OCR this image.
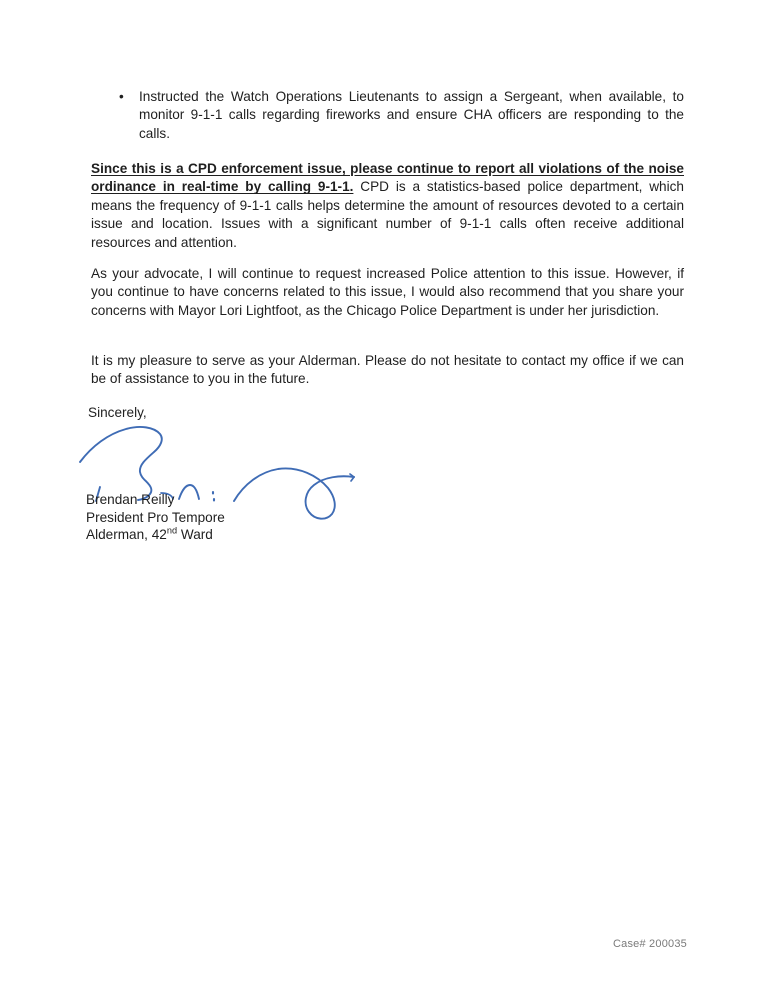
• Instructed the Watch Operations Lieutenants to assign a Sergeant, when available, to monitor 9-1-1 calls regarding fireworks and ensure CHA officers are responding to the calls.
Since this is a CPD enforcement issue, please continue to report all violations of the noise ordinance in real-time by calling 9-1-1. CPD is a statistics-based police department, which means the frequency of 9-1-1 calls helps determine the amount of resources devoted to a certain issue and location. Issues with a significant number of 9-1-1 calls often receive additional resources and attention.
As your advocate, I will continue to request increased Police attention to this issue. However, if you continue to have concerns related to this issue, I would also recommend that you share your concerns with Mayor Lori Lightfoot, as the Chicago Police Department is under her jurisdiction.
It is my pleasure to serve as your Alderman. Please do not hesitate to contact my office if we can be of assistance to you in the future.
Sincerely,
Brendan Reilly
President Pro Tempore
Alderman, 42nd Ward
Case# 200035
